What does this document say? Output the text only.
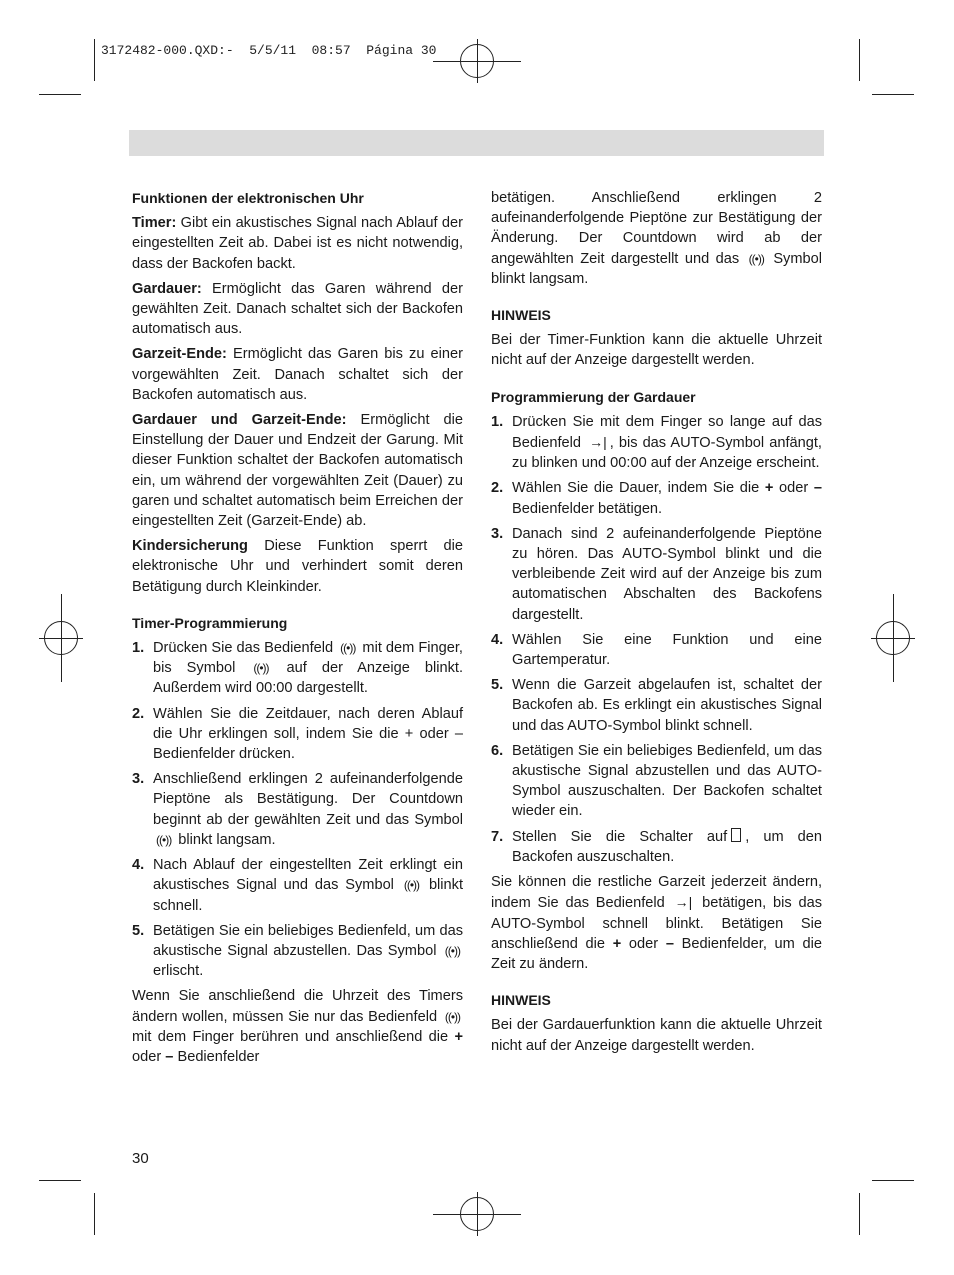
3172482-000.QXD:-  5/5/11  08:57  Página 30
Funktionen der elektronischen Uhr

Timer: Gibt ein akustisches Signal nach Ablauf der eingestellten Zeit ab. Dabei ist es nicht notwendig, dass der Backofen backt.

Gardauer: Ermöglicht das Garen während der gewählten Zeit. Danach schaltet sich der Backofen automatisch aus.

Garzeit-Ende: Ermöglicht das Garen bis zu einer vorgewählten Zeit. Danach schaltet sich der Backofen automatisch aus.

Gardauer und Garzeit-Ende: Ermöglicht die Einstellung der Dauer und Endzeit der Garung. Mit dieser Funktion schaltet der Backofen automatisch ein, um während der vorgewählten Zeit (Dauer) zu garen und schaltet automatisch beim Erreichen der eingestellten Zeit (Garzeit-Ende) ab.

Kindersicherung Diese Funktion sperrt die elektronische Uhr und verhindert somit deren Betätigung durch Kleinkinder.

Timer-Programmierung
1. Drücken Sie das Bedienfeld ((•)) mit dem Finger, bis Symbol ((•)) auf der Anzeige blinkt. Außerdem wird 00:00 dargestellt.
2. Wählen Sie die Zeitdauer, nach deren Ablauf die Uhr erklingen soll, indem Sie die + oder – Bedienfelder drücken.
3. Anschließend erklingen 2 aufeinanderfolgende Pieptöne als Bestätigung. Der Countdown beginnt ab der gewählten Zeit und das Symbol ((•)) blinkt langsam.
4. Nach Ablauf der eingestellten Zeit erklingt ein akustisches Signal und das Symbol ((•)) blinkt schnell.
5. Betätigen Sie ein beliebiges Bedienfeld, um das akustische Signal abzustellen. Das Symbol ((•)) erlischt.

Wenn Sie anschließend die Uhrzeit des Timers ändern wollen, müssen Sie nur das Bedienfeld ((•)) mit dem Finger berühren und anschließend die + oder – Bedienfelder

betätigen. Anschließend erklingen 2 aufeinanderfolgende Pieptöne zur Bestätigung der Änderung. Der Countdown wird ab der angewählten Zeit dargestellt und das ((•)) Symbol blinkt langsam.

HINWEIS

Bei der Timer-Funktion kann die aktuelle Uhrzeit nicht auf der Anzeige dargestellt werden.

Programmierung der Gardauer
1. Drücken Sie mit dem Finger so lange auf das Bedienfeld →| , bis das AUTO-Symbol anfängt, zu blinken und 00:00 auf der Anzeige erscheint.
2. Wählen Sie die Dauer, indem Sie die + oder – Bedienfelder betätigen.
3. Danach sind 2 aufeinanderfolgende Pieptöne zu hören. Das AUTO-Symbol blinkt und die verbleibende Zeit wird auf der Anzeige bis zum automatischen Abschalten des Backofens dargestellt.
4. Wählen Sie eine Funktion und eine Gartemperatur.
5. Wenn die Garzeit abgelaufen ist, schaltet der Backofen ab. Es erklingt ein akustisches Signal und das AUTO-Symbol blinkt schnell.
6. Betätigen Sie ein beliebiges Bedienfeld, um das akustische Signal abzustellen und das AUTO-Symbol auszuschalten. Der Backofen schaltet wieder ein.
7. Stellen Sie die Schalter auf , um den Backofen auszuschalten.

Sie können die restliche Garzeit jederzeit ändern, indem Sie das Bedienfeld →| betätigen, bis das AUTO-Symbol schnell blinkt. Betätigen Sie anschließend die + oder – Bedienfelder, um die Zeit zu ändern.

HINWEIS

Bei der Gardauerfunktion kann die aktuelle Uhrzeit nicht auf der Anzeige dargestellt werden.

30
